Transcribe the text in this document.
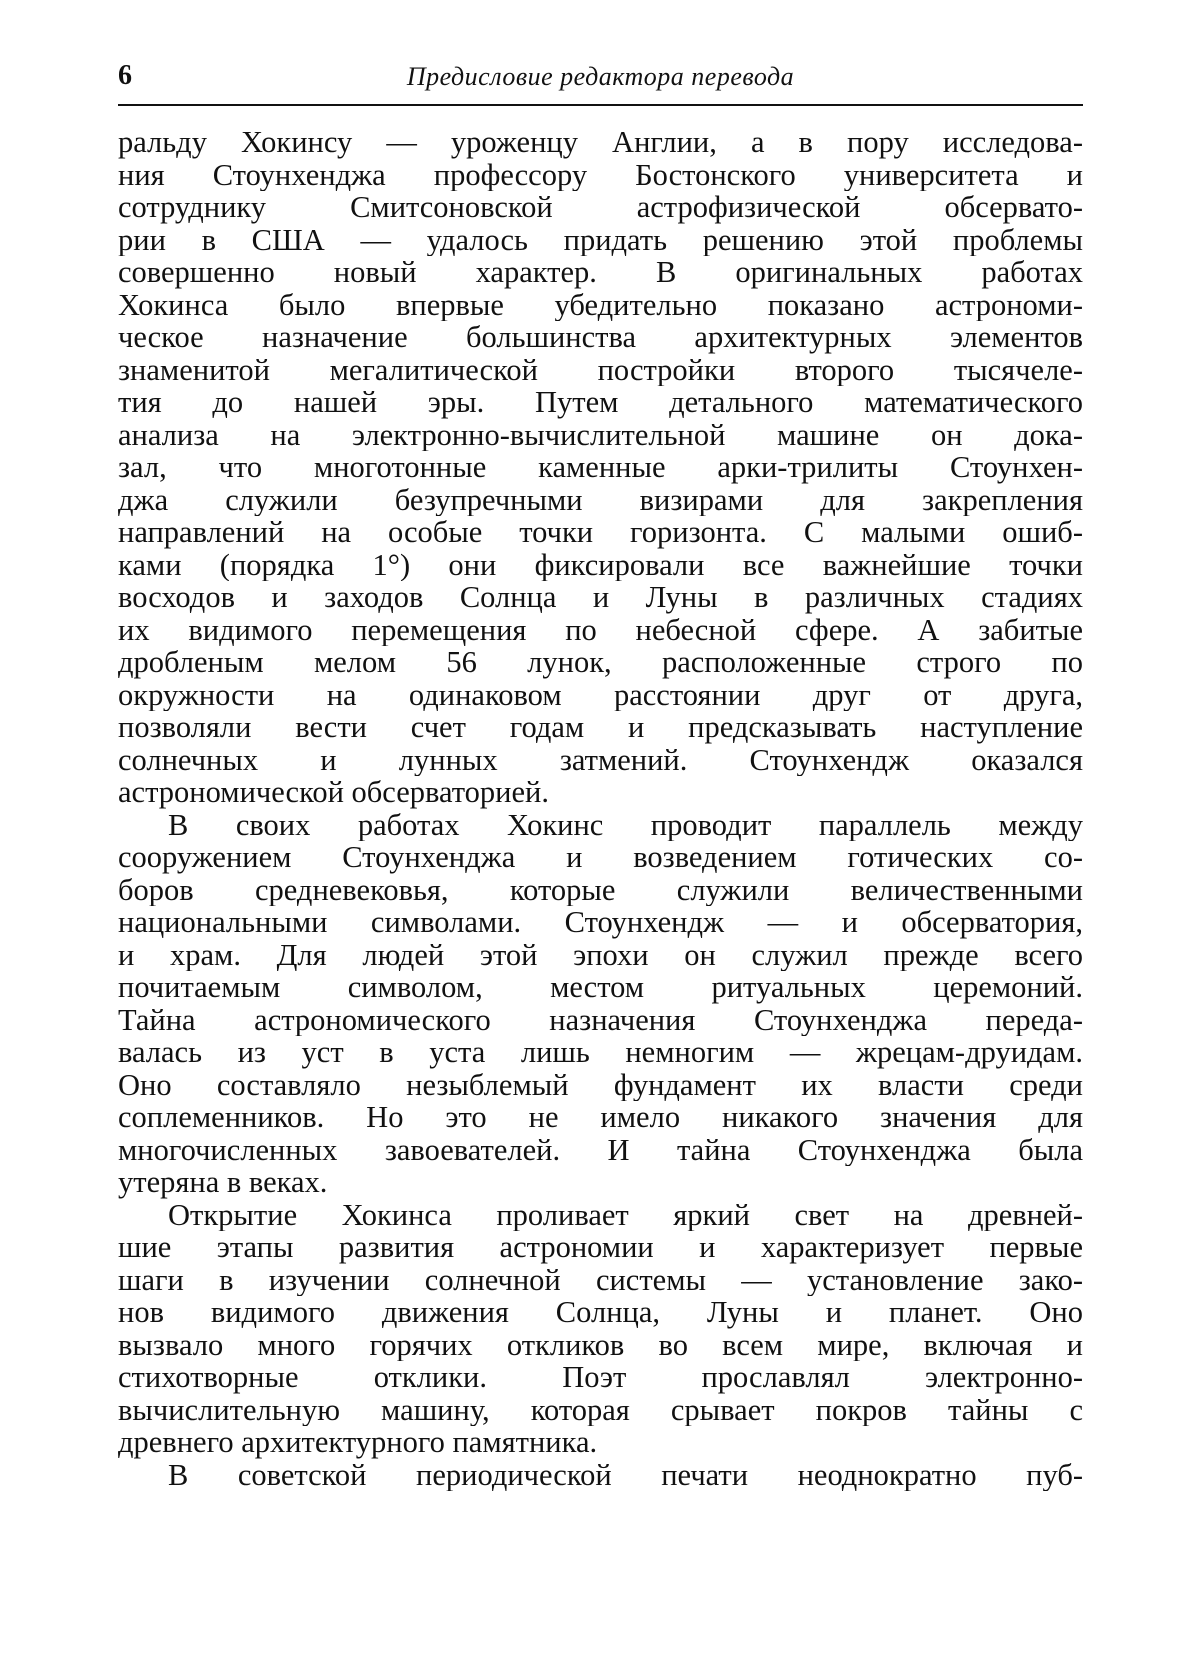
6	Предисловие редактора перевода
ральду Хокинсу — уроженцу Англии, а в пору исследова-
ния Стоунхенджа профессору Бостонского университета и
сотруднику Смитсоновской астрофизической обсервато-
рии в США — удалось придать решению этой проблемы
совершенно новый характер. В оригинальных работах
Хокинса было впервые убедительно показано астрономи-
ческое назначение большинства архитектурных элементов
знаменитой мегалитической постройки второго тысячеле-
тия до нашей эры. Путем детального математического
анализа на электронно-вычислительной машине он дока-
зал, что многотонные каменные арки-трилиты Стоунхен-
джа служили безупречными визирами для закрепления
направлений на особые точки горизонта. С малыми ошиб-
ками (порядка 1°) они фиксировали все важнейшие точки
восходов и заходов Солнца и Луны в различных стадиях
их видимого перемещения по небесной сфере. А забитые
дробленым мелом 56 лунок, расположенные строго по
окружности на одинаковом расстоянии друг от друга,
позволяли вести счет годам и предсказывать наступление
солнечных и лунных затмений. Стоунхендж оказался
астрономической обсерваторией.
В своих работах Хокинс проводит параллель между
сооружением Стоунхенджа и возведением готических со-
боров средневековья, которые служили величественными
национальными символами. Стоунхендж — и обсерватория,
и храм. Для людей этой эпохи он служил прежде всего
почитаемым символом, местом ритуальных церемоний.
Тайна астрономического назначения Стоунхенджа переда-
валась из уст в уста лишь немногим — жрецам-друидам.
Оно составляло незыблемый фундамент их власти среди
соплеменников. Но это не имело никакого значения для
многочисленных завоевателей. И тайна Стоунхенджа была
утеряна в веках.
Открытие Хокинса проливает яркий свет на древней-
шие этапы развития астрономии и характеризует первые
шаги в изучении солнечной системы — установление зако-
нов видимого движения Солнца, Луны и планет. Оно
вызвало много горячих откликов во всем мире, включая и
стихотворные отклики. Поэт прославлял электронно-
вычислительную машину, которая срывает покров тайны с
древнего архитектурного памятника.
В советской периодической печати неоднократно пуб-
